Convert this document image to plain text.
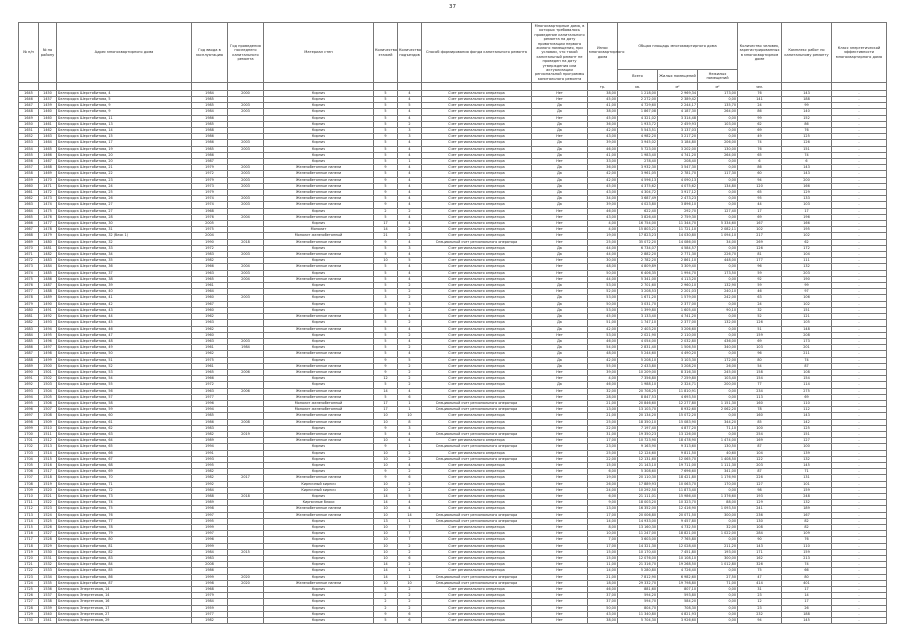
37
№ п/п	№ по району	Адрес многоквартирного дома	Год ввода в эксплуатацию	Год проведения последнего капитального ремонта	Материал стен	Количество этажей	Количество подъездов	Способ формирования фонда капитального ремонта	Многоквартирные дома, в которых требовалось проведение капитального ремонта на дату приватизации первого жилого помещения, при условии, что такой капитальный ремонт не проведен на дату утверждения или актуализации региональной программы капитального ремонта	Износ многоквартирного дома	Общая площадь многоквартирного дома			Количество человек, зарегистрированных в многоквартирном доме	Комплекс работ по капитальному ремонту	Класс энергетической эффективности многоквартирного дома
											Всего	Жилых помещений	Нежилых помещений			
										тр.	кв.	м²	м²	чел.		
1645	1450	Белгородск Шерстобитова, 4	1984	2000	Кирпич	5	4	Счет регионального оператора	Нет	38,00	1 218,00	2 969,34	173,00	76	143	-
1646	1457	Белгородск Шерстобитова, 5	1985		Кирпич	5	4	Счет регионального оператора	Нет	45,00	2 272,00	2 389,42	0,00	141	188	-
1647	1459	Белгородск Шерстобитова, 9	1985	2003	Кирпич	5	5	Счет регионального оператора	Да	41,00	4 729,60	2 244,17	135,70	24	99	-
1648	1460	Белгородск Шерстобитова, 9	1984	2003	Кирпич	5	4	Счет регионального оператора	Да	38,00	1 867,08	4 187,30	264,00	86	140	-
1649	1460	Белгородск Шерстобитова, 11	1986		Кирпич	5	4	Счет регионального оператора	Нет	45,00	4 321,02	3 314,48	0,00	99	152	-
1650	1461	Белгородск Шерстобитова, 13	1985		Кирпич	5	2	Счет регионального оператора	Да	36,00	1 933,72	2 459,93	103,00	62	86	-
1651	1462	Белгородск Шерстобитова, 14	1988		Кирпич	5	3	Счет регионального оператора	Да	42,00	5 543,51	3 137,03	0,00	69	76	-
1652	1463	Белгородск Шерстобитова, 15	1986		Кирпич	9	3	Счет регионального оператора	Нет	43,00	4 982,20	3 217,20	0,00	49	125	-
1653	1464	Белгородск Шерстобитова, 17	1986	2003	Кирпич	5	4	Счет регионального оператора	Да	39,00	3 945,02	3 184,80	206,00	74	126	-
1654	1465	Белгородск Шерстобитова, 19	1985	2003	Кирпич	5	4	Счет регионального оператора	Да	46,00	5 723,00	3 202,00	130,00	76	151	-
1655	1466	Белгородск Шерстобитова, 20	1986		Кирпич	5	4	Счет регионального оператора	Да	41,00	1 983,40	4 741,20	264,00	65	74	-
1656	1467	Белгородск Шерстобитова, 20	1987		Кирпич	5	1	Счет регионального оператора	Нет	33,00	278,40	208,40	0,00	6	6	-
1657	1468	Белгородск Шерстобитова, 21	1979	2003	Железобетонные панели	9	4	Счет регионального оператора	Да	36,00	3 932,30	3 547,30	0,00	86	143	-
1658	1469	Белгородск Шерстобитова, 22	1972	2003	Железобетонные панели	5	4	Счет регионального оператора	Да	42,00	3 961,05	2 781,70	117,30	60	143	-
1659	1470	Белгородск Шерстобитова, 23	1979	2003	Железобетонные панели	9	4	Счет регионального оператора	Да	42,00	4 596,13	4 090,13	0,00	94	200	-
1660	1471	Белгородск Шерстобитова, 24	1973	2003	Железобетонные панели	5	4	Счет регионального оператора	Да	45,00	4 375,62	4 075,62	134,80	120	166	-
1661	1472	Белгородск Шерстобитова, 25	1979		Железобетонные панели	9	4	Счет регионального оператора	Да	43,00	4 304,72	3 917,12	0,00	65	129	-
1662	1473	Белгородск Шерстобитова, 26	1974	2003	Железобетонные панели	5	4	Счет регионального оператора	Да	34,00	3 687,49	2 473,23	0,00	95	133	-
1663	1474	Белгородск Шерстобитова, 27	1974	2003	Железобетонные панели	9	4	Счет регионального оператора	Да	39,00	4 023,80	3 896,10	0,00	44	103	-
1664	1475	Белгородск Шерстобитова, 27	1968		Кирпич	2	2	Счет регионального оператора	Нет	46,00	622,40	292,70	127,40	17	17	-
1665	1476	Белгородск Шерстобитова, 28	1976	2004	Железобетонные панели	5	4	Счет регионального оператора	Нет	43,00	3 826,40	2 759,30	0,00	69	196	-
1666	1477	Белгородск Шерстобитова, 30	2005		Кирпич	17	4	Счет регионального оператора	Нет	4,00	16 754,00	11 344,70	5 334,60	167	166	-
1667	1478	Белгородск Шерстобитова, 31	1975		Монолит	14	2	Счет регионального оператора	Нет	4,00	15 803,21	11 721,10	2 082,11	102	195	-
1668	1479	Белгородск Шерстобитова, 32 (блок 1)	2004		Монолит железобетонный	21	2	Счет регионального оператора	Нет	19,00	17 823,23	14 030,80	1 094,10	217	102	-
1669	1480	Белгородск Шерстобитова, 32	1990	2018	Железобетонные панели	9	4	Специальный счет регионального оператора	Нет	25,00	35 072,20	14 086,00	34,00	269	62	-
1670	1481	Белгородск Шерстобитова, 33	1972		Кирпич	5	3	Счет регионального оператора	Да	44,00	6 734,07	4 584,57	0,00	126	172	-
1671	1482	Белгородск Шерстобитова, 34	1983	2003	Железобетонные панели	5	4	Счет регионального оператора	Да	44,00	2 882,20	2 771,30	226,70	81	104	-
1672	1483	Белгородск Шерстобитова, 35	1982		Кирпич	10	5	Счет регионального оператора	Нет	30,00	2 782,20	2 861,10	448,00	177	111	-
1673	1484	Белгородск Шерстобитова, 36	1966	2004	Железобетонные панели	5	4	Счет регионального оператора	Нет	48,00	4 809,89	3 309,40	0,00	96	132	-
1674	1485	Белгородск Шерстобитова, 37	1963	2003	Кирпич	5	4	Счет регионального оператора	Нет	50,00	6 406,35	1 994,70	173,50	59	203	-
1675	1486	Белгородск Шерстобитова, 38	1965	2004	Железобетонные панели	5	4	Счет регионального оператора	Нет	44,00	5 341,00	4 113,20	0,00	92	190	-
1676	1487	Белгородск Шерстобитова, 39	1961		Кирпич	5	2	Счет регионального оператора	Да	53,00	2 701,60	2 960,10	132,90	59	99	-
1677	1488	Белгородск Шерстобитова, 40	1964		Кирпич	5	2	Счет регионального оператора	Нет	52,00	3 208,53	2 201,03	240,10	46	97	-
1678	1489	Белгородск Шерстобитова, 41	1960	2003	Кирпич	3	2	Счет регионального оператора	Да	53,00	1 671,20	1 579,00	242,00	63	106	-
1679	1490	Белгородск Шерстобитова, 42	1967		Кирпич	5	3	Счет регионального оператора	Да	50,00	3 031,70	2 377,00	0,00	24	102	-
1680	1491	Белгородск Шерстобитова, 43	1960		Кирпич	5	2	Счет регионального оператора	Да	53,00	1 399,80	1 605,40	90,10	32	151	-
1681	1492	Белгородск Шерстобитова, 44	1962		Железобетонные панели	5	4	Счет регионального оператора	Да	45,00	3 133,40	4 741,20	0,00	52	121	-
1682	1493	Белгородск Шерстобитова, 45	1963		Кирпич	5	2	Счет регионального оператора	Да	51,00	1 747,10	2 377,00	132,00	126	105	-
1683	1494	Белгородск Шерстобитова, 46	1962		Железобетонные панели	5	4	Счет регионального оператора	Да	42,00	2 403,20	3 206,60	0,00	51	148	-
1684	1495	Белгородск Шерстобитова, 47	1960		Кирпич	5	2	Счет регионального оператора	Нет	53,00	2 021,90	2 110,00	0,00	159	208	-
1685	1496	Белгородск Шерстобитова, 48	1963	2003	Кирпич	5	4	Счет регионального оператора	Да	46,00	4 054,00	2 032,80	436,00	69	173	-
1686	1497	Белгородск Шерстобитова, 49	1961	1984	Кирпич	5	2	Счет регионального оператора	Да	54,00	2 831,40	1 506,50	340,00	103	201	-
1687	1498	Белгородск Шерстобитова, 50	1962		Железобетонные панели	5	4	Счет регионального оператора	Да	48,00	5 244,60	4 490,20	0,00	96	211	-
1688	1499	Белгородск Шерстобитова, 51	1975		Кирпич	9	5	Счет регионального оператора	Да	42,00	5 208,10	3 103,30	172,00	80	74	-
1689	1500	Белгородск Шерстобитова, 52	1961		Железобетонные панели	9	2	Счет регионального оператора	Да	55,00	2 433,80	3 208,20	26,00	54	87	-
1690	1501	Белгородск Шерстобитова, 53	1965	2006	Железобетонные панели	9	2	Счет регионального оператора	Нет	39,00	10 209,00	8 316,30	245,00	158	108	-
1691	1502	Белгородск Шерстобитова, 54	1966		Кирпич	12	2	Счет регионального оператора	Нет	4,00	7 356,80	7 259,80	103,40	154	154	-
1692	1503	Белгородск Шерстобитова, 55	1972		Кирпич	5	2	Счет регионального оператора	Да	46,00	1 988,10	2 324,71	200,00	77	114	-
1693	1504	Белгородск Шерстобитова, 56	1963	2006	Железобетонные панели	14	4	Счет регионального оператора	Нет	32,00	20 708,25	11 810,91	0,00	234	275	-
1694	1505	Белгородск Шерстобитова, 57	1977		Железобетонные панели	5	6	Счет регионального оператора	Нет	28,00	8 847,53	4 693,50	0,00	113	69	-
1695	1506	Белгородск Шерстобитова, 58	1996		Монолит железобетонный	17	1	Специальный счет регионального оператора	Нет	21,00	20 846,60	12 277,80	1 151,30	160	110	-
1696	1507	Белгородск Шерстобитова, 59	1994		Монолит железобетонный	17	1	Специальный счет регионального оператора	Нет	13,00	13 103,70	8 932,60	2 062,20	78	112	-
1697	1508	Белгородск Шерстобитова, 60	1985		Железобетонные панели	10	10	Счет регионального оператора	Нет	21,00	20 134,20	15 072,20	0,00	160	143	-
1698	1509	Белгородск Шерстобитова, 61	1986	2008	Железобетонные панели	10	8	Счет регионального оператора	Нет	25,00	18 350,10	15 083,90	344,20	85	142	-
1699	1510	Белгородск Шерстобитова, 62	1983		Кирпич	9	3	Счет регионального оператора	Нет	22,00	7 197,40	4 877,20	71,10	100	125	-
1700	1511	Белгородск Шерстобитова, 63	1982	2019	Железобетонные панели	5	4	Специальный счет регионального оператора	Нет	31,00	19 350,23	13 126,00	0,00	254	151	-
1701	1512	Белгородск Шерстобитова, 64	1989		Железобетонные панели	10	4	Счет регионального оператора	Нет	17,00	10 723,90	18 478,90	1 474,00	169	127	-
1702	1513	Белгородск Шерстобитова, 65	1994		Кирпич	9	1	Специальный счет регионального оператора	Нет	23,00	9 163,90	9 313,60	130,50	87	100	-
1703	1514	Белгородск Шерстобитова, 66	1991		Кирпич	10	2	Счет регионального оператора	Нет	25,00	12 124,60	9 811,50	40,60	104	139	-
1704	1515	Белгородск Шерстобитова, 67	1993		Кирпич	10	2	Специальный счет регионального оператора	Нет	22,00	12 131,60	12 065,70	1 408,50	122	132	-
1705	1516	Белгородск Шерстобитова, 68	1995		Кирпич	10	4	Счет регионального оператора	Нет	15,00	21 143,10	19 711,00	1 111,30	203	145	-
1706	1517	Белгородск Шерстобитова, 69	1982		Кирпич	9	2	Счет регионального оператора	Нет	6,00	5 308,60	7 696,60	341,00	87	71	-
1707	1518	Белгородск Шерстобитова, 70	1982	2017	Железобетонные панели	9	6	Счет регионального оператора	Нет	19,00	20 110,30	18 421,80	1 176,90	226	131	-
1708	1519	Белгородск Шерстобитова, 71	1992		Кирпичный кирпич	10	2	Счет регионального оператора	Нет	26,00	17 889,93	10 063,70	170,00	127	101	-
1709	1520	Белгородск Шерстобитова, 72	1984		Кирпичный кирпич	10	2	Счет регионального оператора	Нет	24,00	10 292,50	11 873,40	0,00	98	159	-
1710	1521	Белгородск Шерстобитова, 73	1988	2018	Кирпич	14	5	Счет регионального оператора	Нет	6,00	21 111,01	15 986,40	1 376,60	193	248	-
1711	1522	Белгородск Шерстобитова, 74	1989		Кирпичные блоки	14	4	Счет регионального оператора	Нет	9,00	18 003,20	10 323,70	88,00	129	132	-
1712	1523	Белгородск Шерстобитова, 75	1998		Железобетонные панели	10	4	Счет регионального оператора	Нет	13,00	16 352,00	12 416,90	1 093,50	241	189	-
1713	1524	Белгородск Шерстобитова, 76	1997		Железобетонные панели	10	14	Специальный счет регионального оператора	Нет	17,00	20 006,80	20 071,50	300,00	236	167	-
1714	1525	Белгородск Шерстобитова, 77	1995		Кирпич	13	1	Специальный счет регионального оператора	Нет	14,00	14 933,00	9 457,80	0,00	130	82	-
1715	1526	Белгородск Шерстобитова, 78	1999		Кирпич	10	7	Счет регионального оператора	Нет	8,00	13 160,30	4 732,50	32,00	108	82	-
1716	1527	Белгородск Шерстобитова, 79	1997		Кирпич	10	7	Счет регионального оператора	Нет	10,00	11 247,00	18 821,00	1 022,00	284	109	-
1717	1528	Белгородск Шерстобитова, 80	1996		Кирпич	10	7	Счет регионального оператора	Нет	7,00	3 603,00	7 765,80	0,00	90	76	-
1718	1529	Белгородск Шерстобитова, 81	1999		Кирпич	10	2	Счет регионального оператора	Нет	17,00	14 321,30	12 028,40	211,20	143	110	-
1719	1530	Белгородск Шерстобитова, 82	1984	2015	Кирпич	10	2	Счет регионального оператора	Нет	15,00	10 170,40	7 451,80	193,00	171	159	-
1720	1531	Белгородск Шерстобитова, 83	1983		Кирпич	10	6	Счет регионального оператора	Нет	15,00	12 076,00	10 108,10	300,00	162	213	-
1721	1532	Белгородск Шерстобитова, 84	2008		Кирпич	14	2	Счет регионального оператора	Нет	11,00	21 316,70	19 268,50	1 012,80	326	74	-
1722	1533	Белгородск Шерстобитова, 85	1986		Кирпич	14	1	Счет регионального оператора	Нет	14,00	5 280,80	4 726,40	0,00	75	66	-
1723	1534	Белгородск Шерстобитова, 86	1999	2020	Кирпич	14	1	Специальный счет регионального оператора	Нет	21,00	7 812,90	6 982,60	27,50	47	80	-
1724	1535	Белгородск Шерстобитова, 87	1998	2020	Железобетонные панели	10	10	Специальный счет регионального оператора	Нет	18,00	29 332,70	19 798,80	71,00	414	401	-
1725	1536	Белгородск Энергетиков, 14	1968		Кирпич	5	2	Счет регионального оператора	Нет	46,00	881,60	807,10	0,00	31	17	-
1726	1537	Белгородск Энергетиков, 14	1979		Кирпич	2	2	Счет регионального оператора	Нет	37,00	594,20	593,80	0,00	23	14	-
1727	1538	Белгородск Энергетиков, 16	1984		Кирпич	2	2	Счет регионального оператора	Нет	37,00	594,70	584,20	0,00	12	17	-
1728	1539	Белгородск Энергетиков, 17	1959		Кирпич	2	2	Счет регионального оператора	Нет	50,00	804,70	708,30	0,00	23	26	-
1729	1540	Белгородск Энергетиков, 27	1977		Кирпич	9	6	Счет регионального оператора	Нет	43,00	11 340,80	4 821,93	0,00	232	188	-
1730	1541	Белгородск Энергетиков, 29	1982		Кирпич	5	6	Счет регионального оператора	Нет	38,00	5 704,30	3 926,60	0,00	94	145	-
